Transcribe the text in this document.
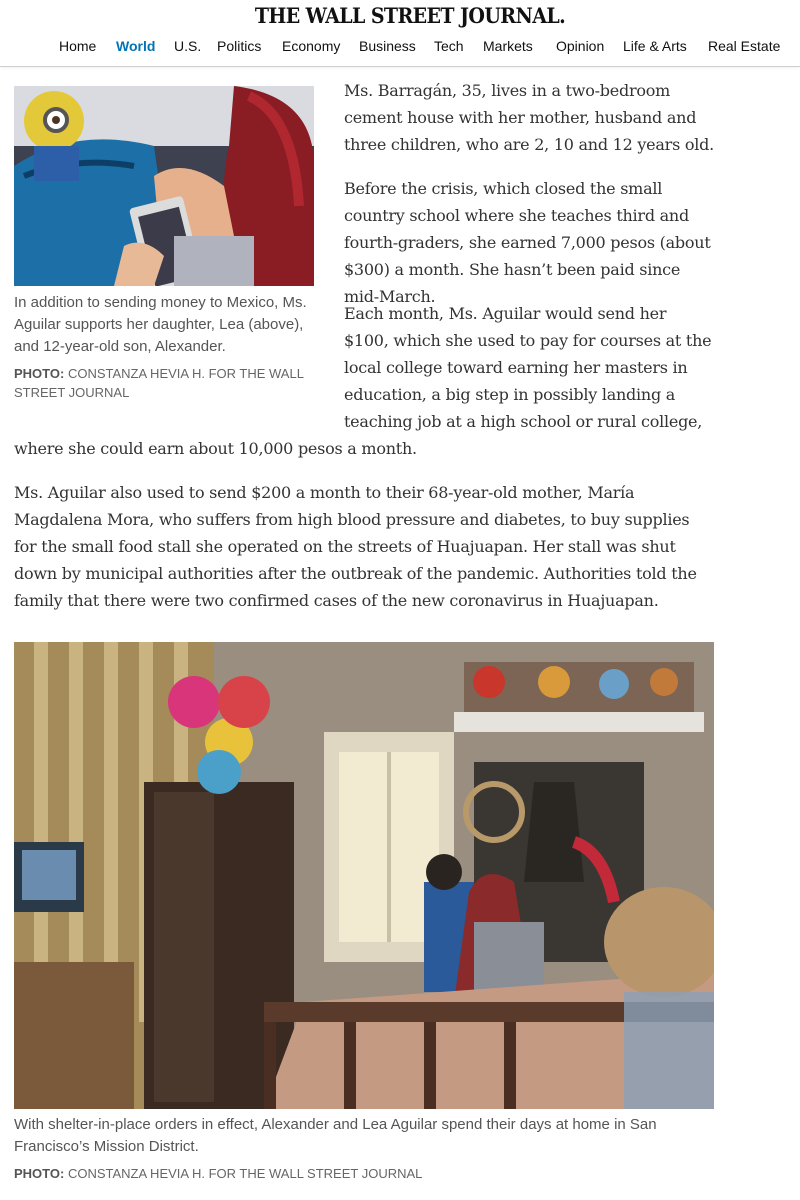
THE WALL STREET JOURNAL.
Home World U.S. Politics Economy Business Tech Markets Opinion Life & Arts Real Estate
In addition to sending money to Mexico, Ms. Aguilar supports her daughter, Lea (above), and 12-year-old son, Alexander.
PHOTO: CONSTANZA HEVIA H. FOR THE WALL STREET JOURNAL

Ms. Barragán, 35, lives in a two-bedroom cement house with her mother, husband and three children, who are 2, 10 and 12 years old.

Before the crisis, which closed the small country school where she teaches third and fourth-graders, she earned 7,000 pesos (about $300) a month. She hasn’t been paid since mid-March.

Each month, Ms. Aguilar would send her $100, which she used to pay for courses at the local college toward earning her masters in education, a big step in possibly landing a teaching job at a high school or rural college, where she could earn about 10,000 pesos a month.

Ms. Aguilar also used to send $200 a month to their 68-year-old mother, María Magdalena Mora, who suffers from high blood pressure and diabetes, to buy supplies for the small food stall she operated on the streets of Huajuapan. Her stall was shut down by municipal authorities after the outbreak of the pandemic. Authorities told the family that there were two confirmed cases of the new coronavirus in Huajuapan.

With shelter-in-place orders in effect, Alexander and Lea Aguilar spend their days at home in San Francisco’s Mission District.
PHOTO: CONSTANZA HEVIA H. FOR THE WALL STREET JOURNAL
